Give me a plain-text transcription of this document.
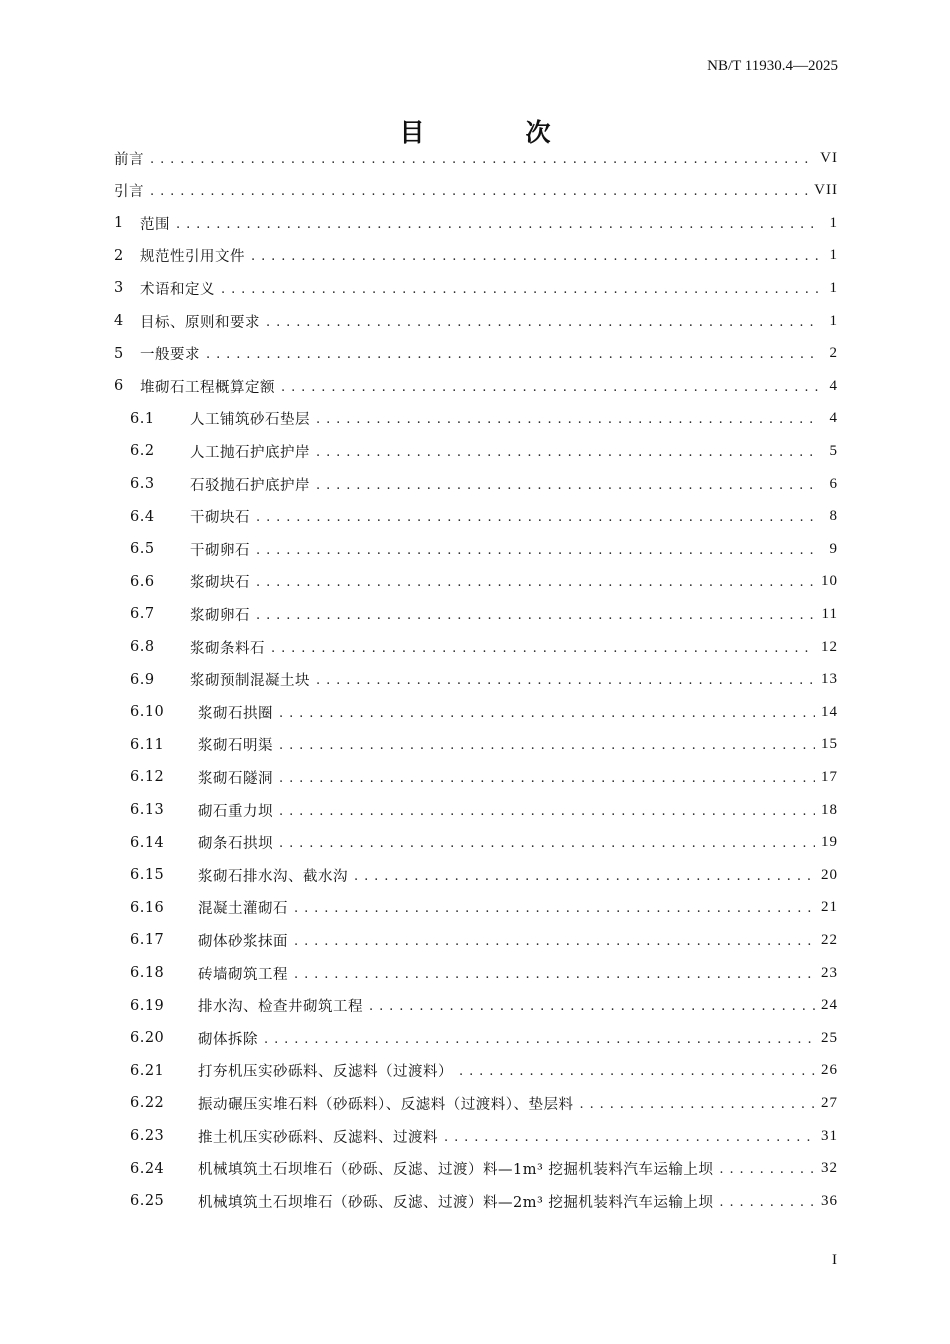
NB/T 11930.4—2025
目　次
前言 . . .	VI
引言 . . .	VII
1	范围 . . .	1
2	规范性引用文件 . . .	1
3	术语和定义 . . .	1
4	目标、原则和要求 . . .	1
5	一般要求 . . .	2
6	堆砌石工程概算定额 . . .	4
6.1	人工铺筑砂石垫层 . . .	4
6.2	人工抛石护底护岸 . . .	5
6.3	石驳抛石护底护岸 . . .	6
6.4	干砌块石 . . .	8
6.5	干砌卵石 . . .	9
6.6	浆砌块石 . . .	10
6.7	浆砌卵石 . . .	11
6.8	浆砌条料石 . . .	12
6.9	浆砌预制混凝土块 . . .	13
6.10	浆砌石拱圈 . . .	14
6.11	浆砌石明渠 . . .	15
6.12	浆砌石隧洞 . . .	17
6.13	砌石重力坝 . . .	18
6.14	砌条石拱坝 . . .	19
6.15	浆砌石排水沟、截水沟 . . .	20
6.16	混凝土灌砌石 . . .	21
6.17	砌体砂浆抹面 . . .	22
6.18	砖墙砌筑工程 . . .	23
6.19	排水沟、检查井砌筑工程 . . .	24
6.20	砌体拆除 . . .	25
6.21	打夯机压实砂砾料、反滤料（过渡料） . . .	26
6.22	振动碾压实堆石料（砂砾料）、反滤料（过渡料）、垫层料 . . .	27
6.23	推土机压实砂砾料、反滤料、过渡料 . . .	31
6.24	机械填筑土石坝堆石（砂砾、反滤、过渡）料—1m³ 挖掘机装料汽车运输上坝 . . .	32
6.25	机械填筑土石坝堆石（砂砾、反滤、过渡）料—2m³ 挖掘机装料汽车运输上坝 . . .	36
I
